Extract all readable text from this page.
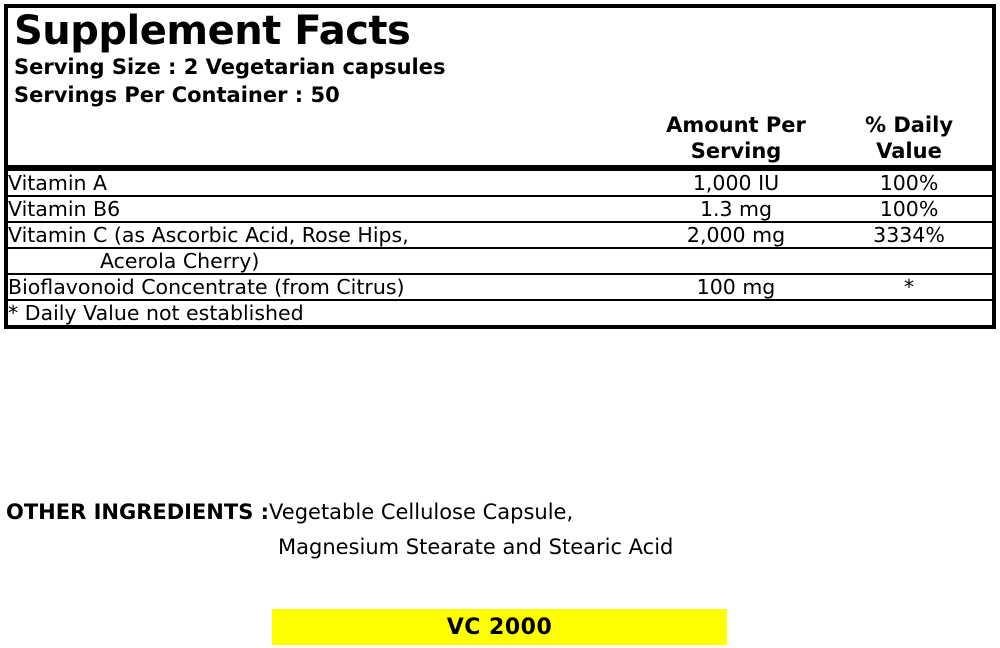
Supplement Facts
Serving Size : 2 Vegetarian capsules
Servings Per Container : 50

Amount Per
Serving

% Daily
Value

Vitamin A	1,000 IU	100%
Vitamin B6	1.3 mg	100%
Vitamin C (as Ascorbic Acid, Rose Hips,	2,000 mg	3334%
Acerola Cherry)		
Bioflavonoid Concentrate (from Citrus)	100 mg	*
* Daily Value not established		
OTHER INGREDIENTS :Vegetable Cellulose Capsule,
Magnesium Stearate and Stearic Acid
VC 2000
